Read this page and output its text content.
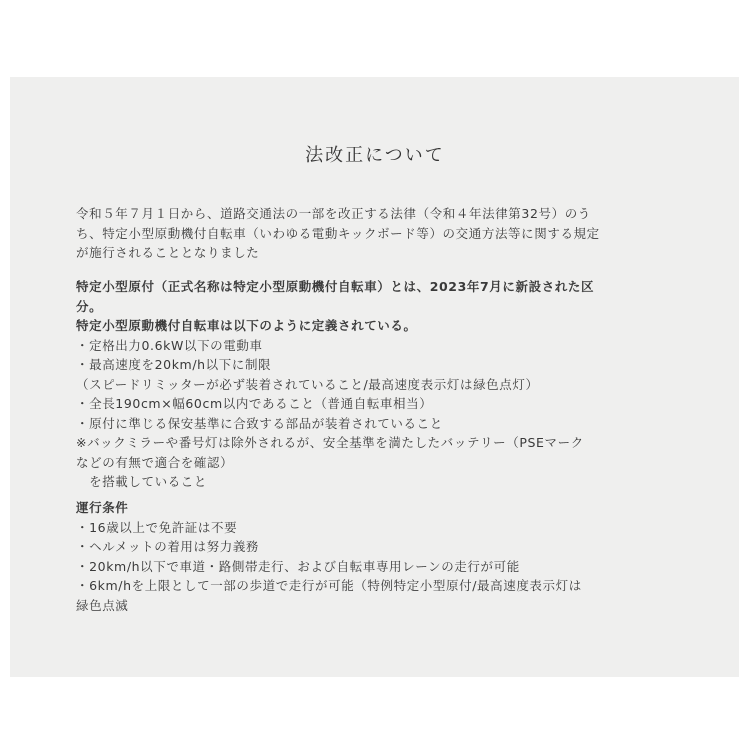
法改正について

令和５年７月１日から、道路交通法の一部を改正する法律（令和４年法律第32号）のう

ち、特定小型原動機付自転車（いわゆる電動キックボード等）の交通方法等に関する規定

が施行されることとなりました

特定小型原付（正式名称は特定小型原動機付自転車）とは、2023年7月に新設された区

分。

特定小型原動機付自転車は以下のように定義されている。

・定格出力0.6kW以下の電動車

・最高速度を20km/h以下に制限

（スピードリミッターが必ず装着されていること/最高速度表示灯は緑色点灯）

・全長190cm×幅60cm以内であること（普通自転車相当）

・原付に準じる保安基準に合致する部品が装着されていること

※バックミラーや番号灯は除外されるが、安全基準を満たしたバッテリー（PSEマーク

などの有無で適合を確認）

　を搭載していること

運行条件

・16歳以上で免許証は不要

・ヘルメットの着用は努力義務

・20km/h以下で車道・路側帯走行、および自転車専用レーンの走行が可能

・6km/hを上限として一部の歩道で走行が可能（特例特定小型原付/最高速度表示灯は

緑色点滅
